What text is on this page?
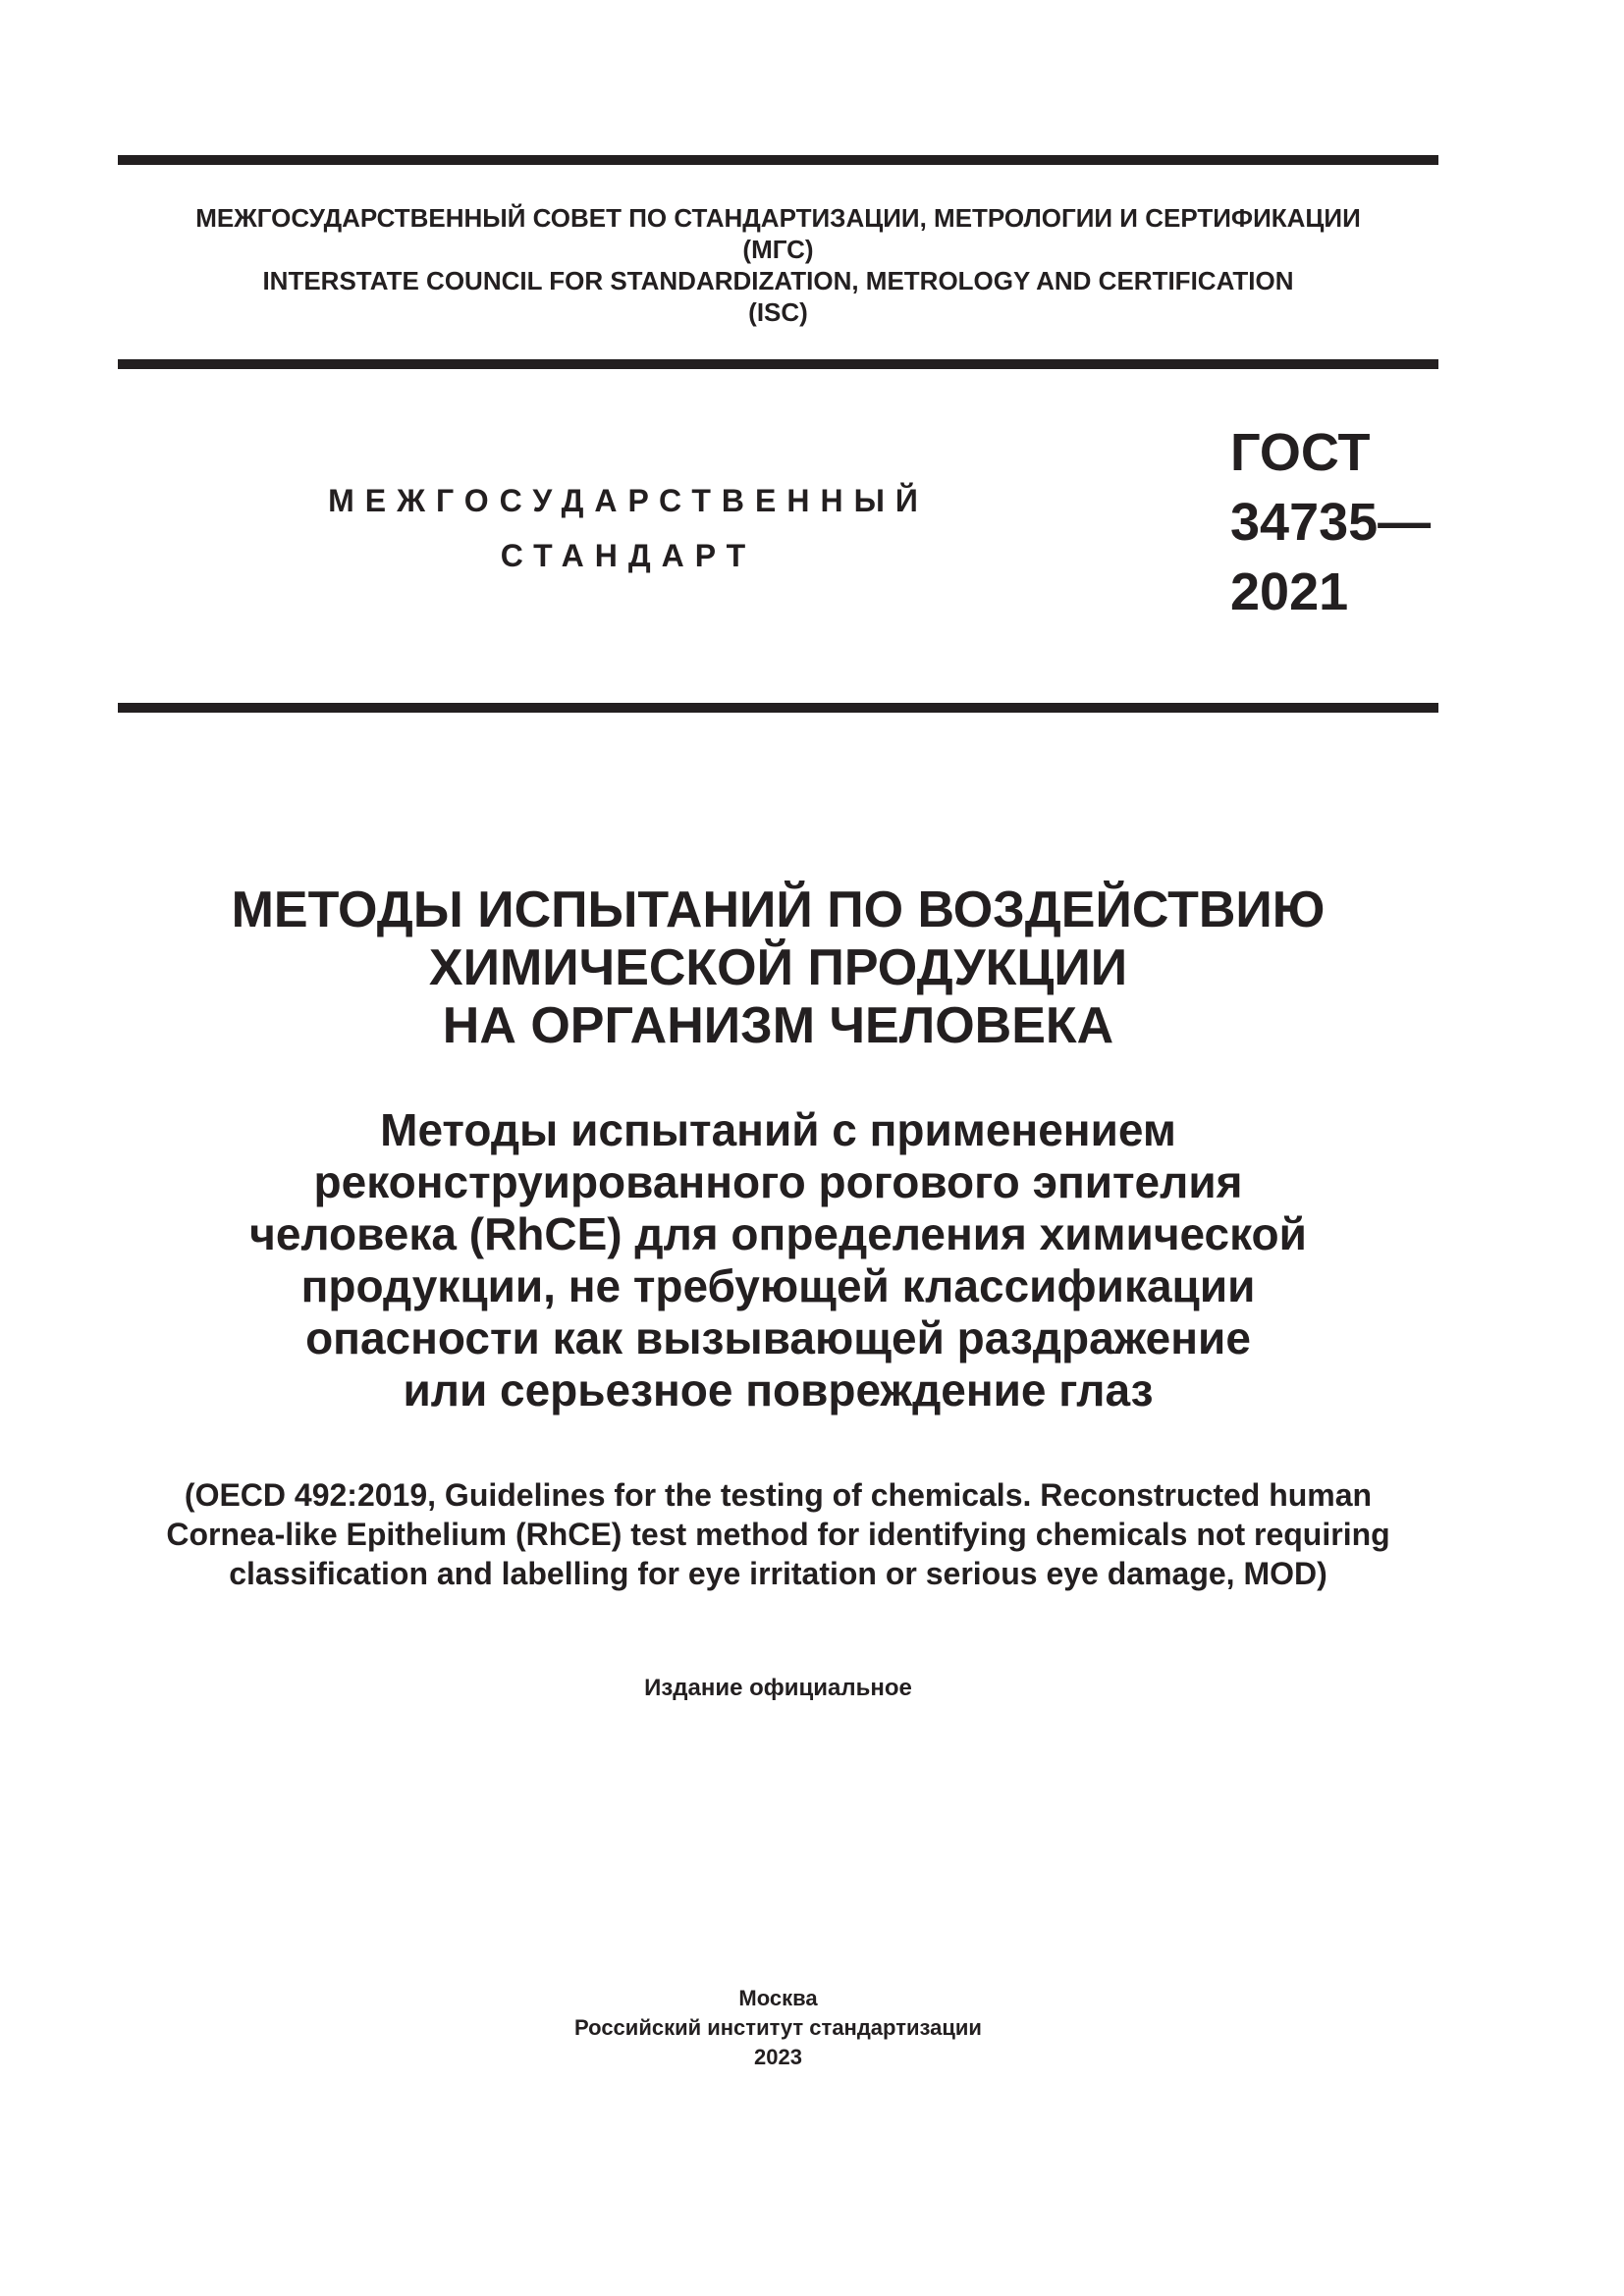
МЕЖГОСУДАРСТВЕННЫЙ СОВЕТ ПО СТАНДАРТИЗАЦИИ, МЕТРОЛОГИИ И СЕРТИФИКАЦИИ
(МГС)
INTERSTATE COUNCIL FOR STANDARDIZATION, METROLOGY AND CERTIFICATION
(ISC)
МЕЖГОСУДАРСТВЕННЫЙ
СТАНДАРТ
ГОСТ
34735—
2021
МЕТОДЫ ИСПЫТАНИЙ ПО ВОЗДЕЙСТВИЮ
ХИМИЧЕСКОЙ ПРОДУКЦИИ
НА ОРГАНИЗМ ЧЕЛОВЕКА
Методы испытаний с применением
реконструированного рогового эпителия
человека (RhCE) для определения химической
продукции, не требующей классификации
опасности как вызывающей раздражение
или серьезное повреждение глаз
(OECD 492:2019, Guidelines for the testing of chemicals. Reconstructed human
Cornea-like Epithelium (RhCE) test method for identifying chemicals not requiring
classification and labelling for eye irritation or serious eye damage, MOD)
Издание официальное
Москва
Российский институт стандартизации
2023
